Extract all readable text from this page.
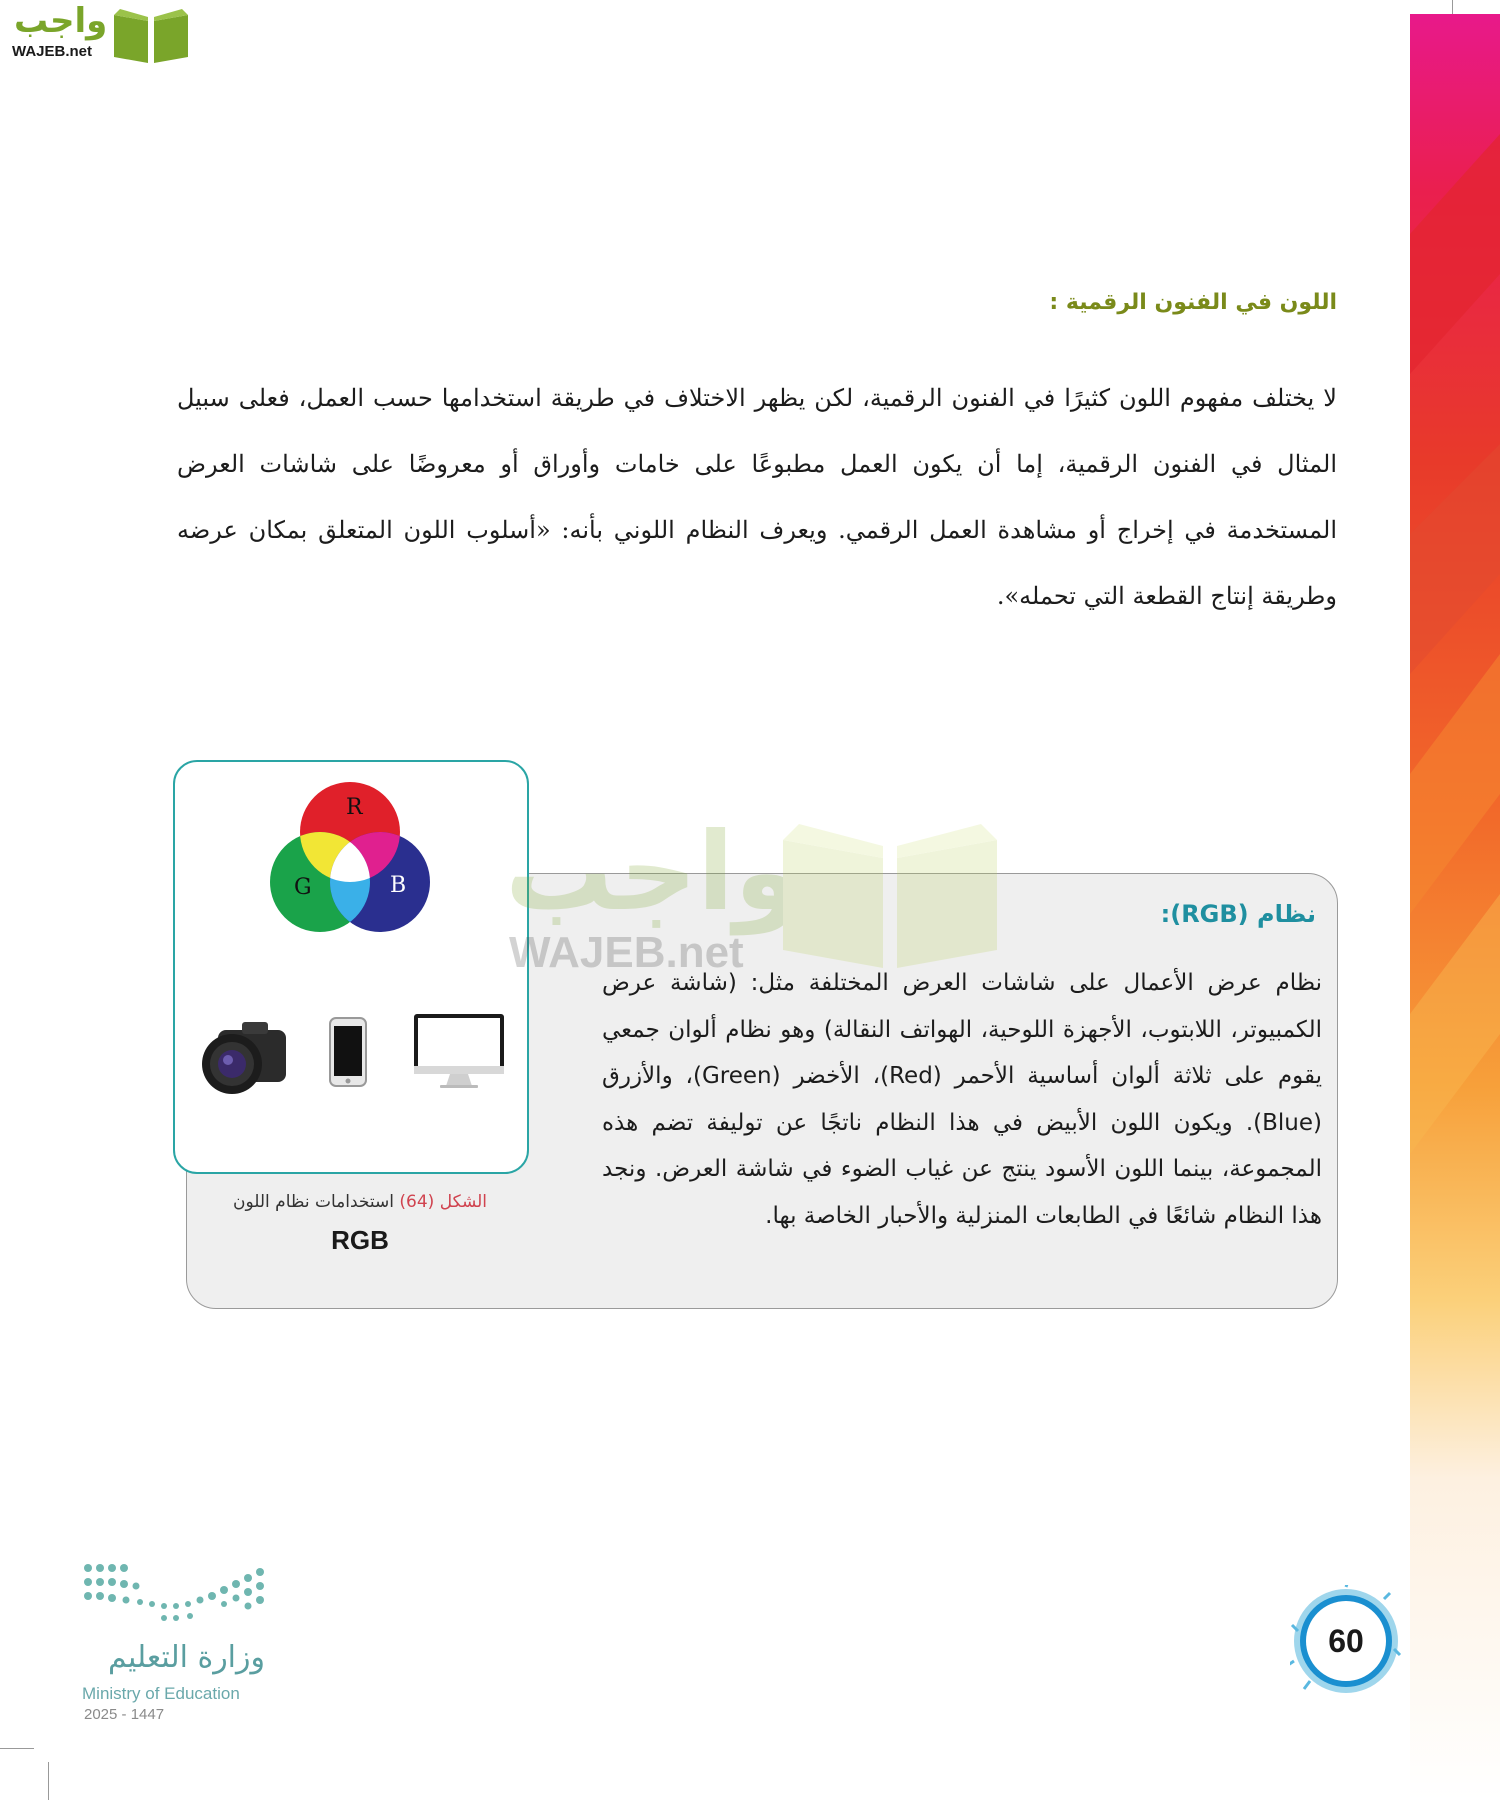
واجب
WAJEB.net
اللون في الفنون الرقمية :
لا يختلف مفهوم اللون كثيرًا في الفنون الرقمية، لكن يظهر الاختلاف في طريقة استخدامها حسب العمل، فعلى سبيل المثال في الفنون الرقمية، إما أن يكون العمل مطبوعًا على خامات وأوراق أو معروضًا على شاشات العرض المستخدمة في إخراج أو مشاهدة العمل الرقمي. ويعرف النظام اللوني بأنه: «أسلوب اللون المتعلق بمكان عرضه وطريقة إنتاج القطعة التي تحمله».
نظام (RGB):
نظام عرض الأعمال على شاشات العرض المختلفة مثل: (شاشة عرض الكمبيوتر، اللابتوب، الأجهزة اللوحية، الهواتف النقالة) وهو نظام ألوان جمعي يقوم على ثلاثة ألوان أساسية الأحمر (Red)، الأخضر (Green)، والأزرق (Blue). ويكون اللون الأبيض في هذا النظام ناتجًا عن توليفة تضم هذه المجموعة، بينما اللون الأسود ينتج عن غياب الضوء في شاشة العرض. ونجد هذا النظام شائعًا في الطابعات المنزلية والأحبار الخاصة بها.
R
G	B
الشكل (64) استخدامات نظام اللون
RGB
واجب
WAJEB.net
وزارة التعليم
Ministry of Education
2025 - 1447
60
